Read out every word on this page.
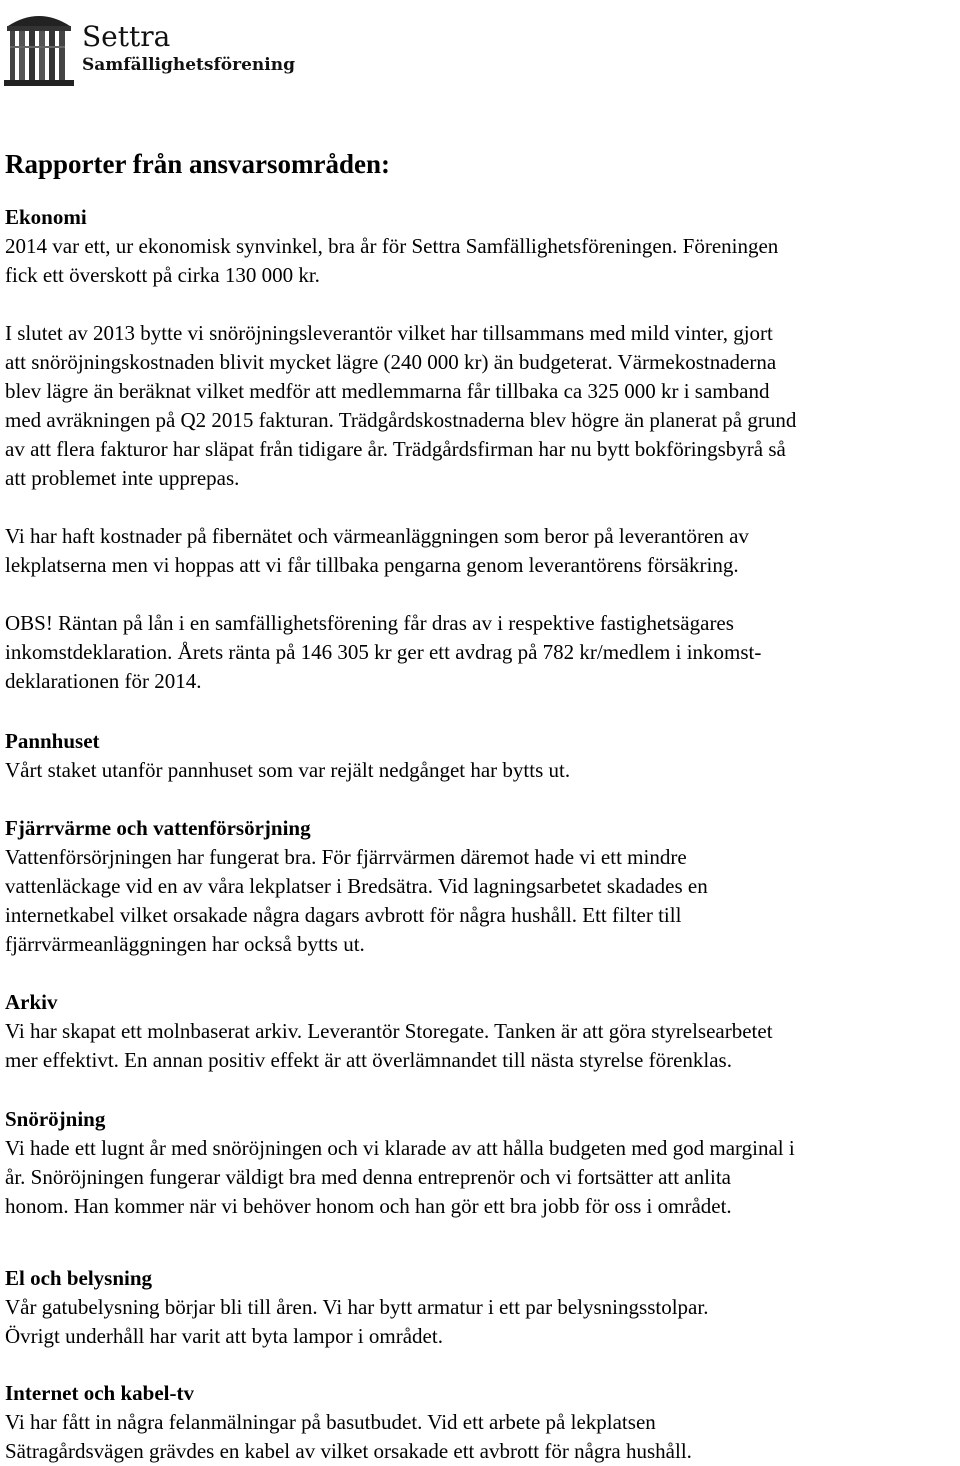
Settra
Samfällighetsförening
Rapporter från ansvarsområden:
Ekonomi
2014 var ett, ur ekonomisk synvinkel, bra år för Settra Samfällighetsföreningen. Föreningen
fick ett överskott på cirka 130 000 kr.
I slutet av 2013 bytte vi snöröjningsleverantör vilket har tillsammans med mild vinter, gjort
att snöröjningskostnaden blivit mycket lägre (240 000 kr) än budgeterat. Värmekostnaderna
blev lägre än beräknat vilket medför att medlemmarna får tillbaka ca 325 000 kr i samband
med avräkningen på Q2 2015 fakturan. Trädgårdskostnaderna blev högre än planerat på grund
av att flera fakturor har släpat från tidigare år. Trädgårdsfirman har nu bytt bokföringsbyrå så
att problemet inte upprepas.
Vi har haft kostnader på fibernätet och värmeanläggningen som beror på leverantören av
lekplatserna men vi hoppas att vi får tillbaka pengarna genom leverantörens försäkring.
OBS! Räntan på lån i en samfällighetsförening får dras av i respektive fastighetsägares
inkomstdeklaration. Årets ränta på 146 305 kr ger ett avdrag på 782 kr/medlem i inkomst-
deklarationen för 2014.
Pannhuset
Vårt staket utanför pannhuset som var rejält nedgånget har bytts ut.
Fjärrvärme och vattenförsörjning
Vattenförsörjningen har fungerat bra. För fjärrvärmen däremot hade vi ett mindre
vattenläckage vid en av våra lekplatser i Bredsätra. Vid lagningsarbetet skadades en
internetkabel vilket orsakade några dagars avbrott för några hushåll. Ett filter till
fjärrvärmeanläggningen har också bytts ut.
Arkiv
Vi har skapat ett molnbaserat arkiv. Leverantör Storegate. Tanken är att göra styrelsearbetet
mer effektivt. En annan positiv effekt är att överlämnandet till nästa styrelse förenklas.
Snöröjning
Vi hade ett lugnt år med snöröjningen och vi klarade av att hålla budgeten med god marginal i
år. Snöröjningen fungerar väldigt bra med denna entreprenör och vi fortsätter att anlita
honom. Han kommer när vi behöver honom och han gör ett bra jobb för oss i området.
El och belysning
Vår gatubelysning börjar bli till åren. Vi har bytt armatur i ett par belysningsstolpar.
Övrigt underhåll har varit att byta lampor i området.
Internet och kabel-tv
Vi har fått in några felanmälningar på basutbudet. Vid ett arbete på lekplatsen
Sätragårdsvägen grävdes en kabel av vilket orsakade ett avbrott för några hushåll.
